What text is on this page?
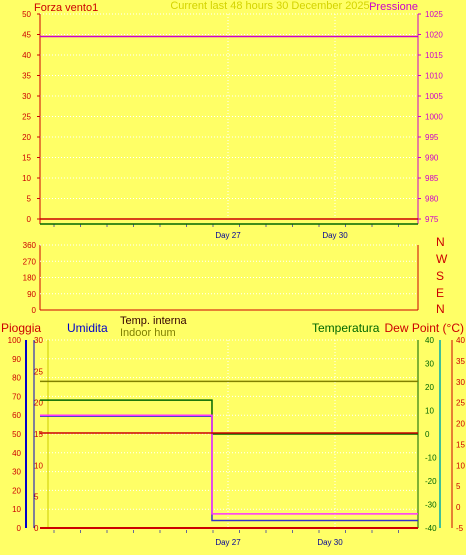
0
5
10
15
20
25
30
35
40
45
50
975
980
985
990
995
1000
1005
1010
1015
1020
1025
Day 27	Day 30
Forza vento1	Current last 48 hours 30 December 2025 Pressione
0
90
180
270
360	N
W
S
E
N
0
10
20
30
40
50
60
70
80
90
100
0
5
10
15
20
25
30
-40
-30
-20
-10
0
10
20
30
40
-5
0
5
10
15
20
25
30
35
40
Day 27	Day 30
Pioggia Umidita Temp. interna
Indoor hum	Temperatura Dew Point (°C)
